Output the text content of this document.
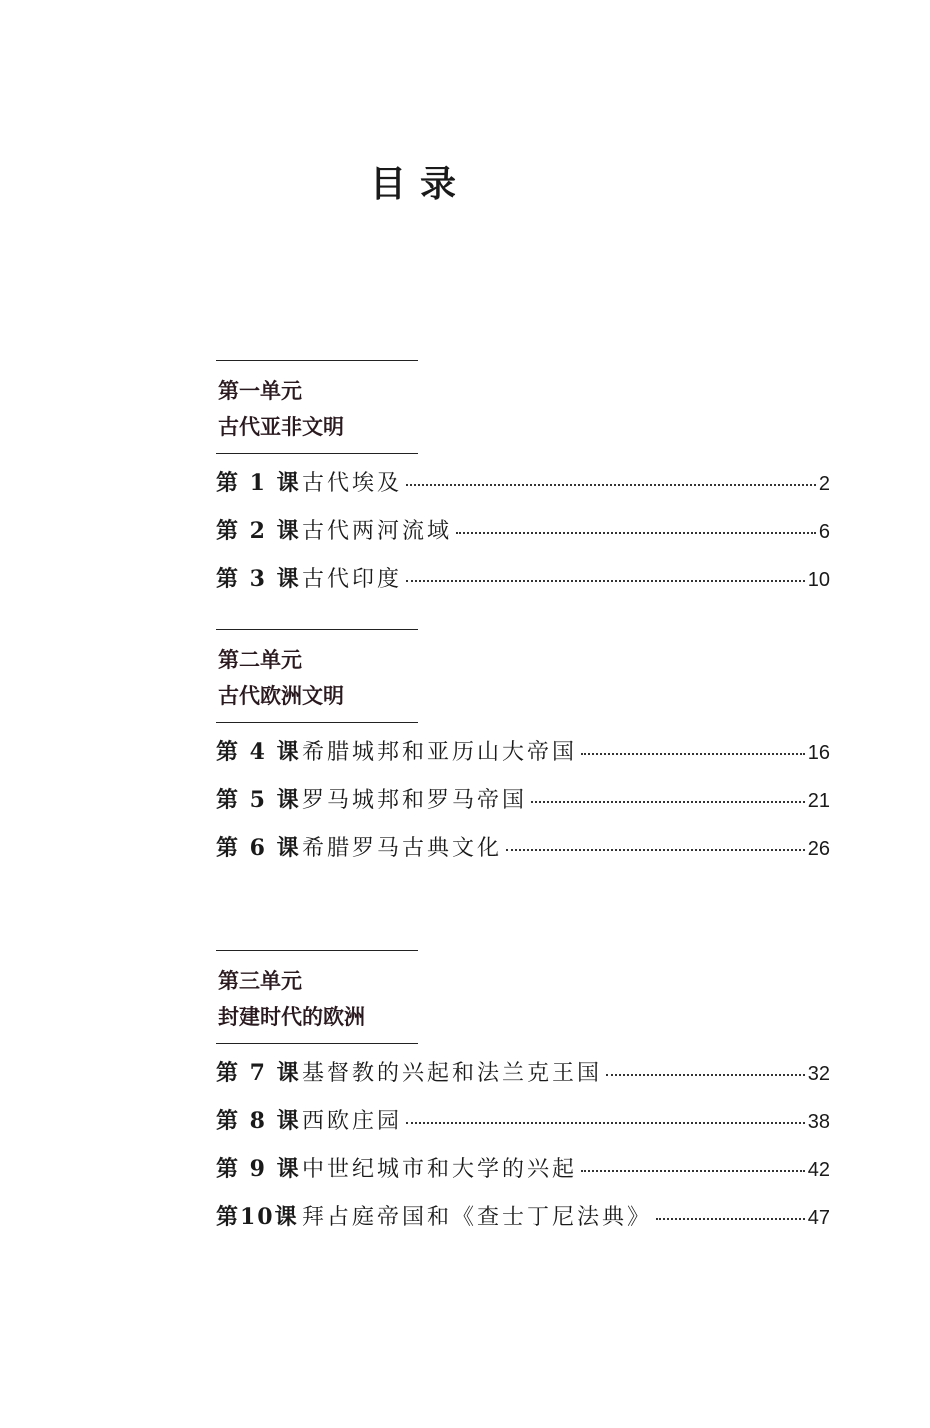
目录
第一单元
古代亚非文明
第 1 课 古代埃及	2
第 2 课 古代两河流域	6
第 3 课 古代印度	10
第二单元
古代欧洲文明
第 4 课 希腊城邦和亚历山大帝国	16
第 5 课 罗马城邦和罗马帝国	21
第 6 课 希腊罗马古典文化	26
第三单元
封建时代的欧洲
第 7 课 基督教的兴起和法兰克王国	32
第 8 课 西欧庄园	38
第 9 课 中世纪城市和大学的兴起	42
第10课 拜占庭帝国和《查士丁尼法典》	47
